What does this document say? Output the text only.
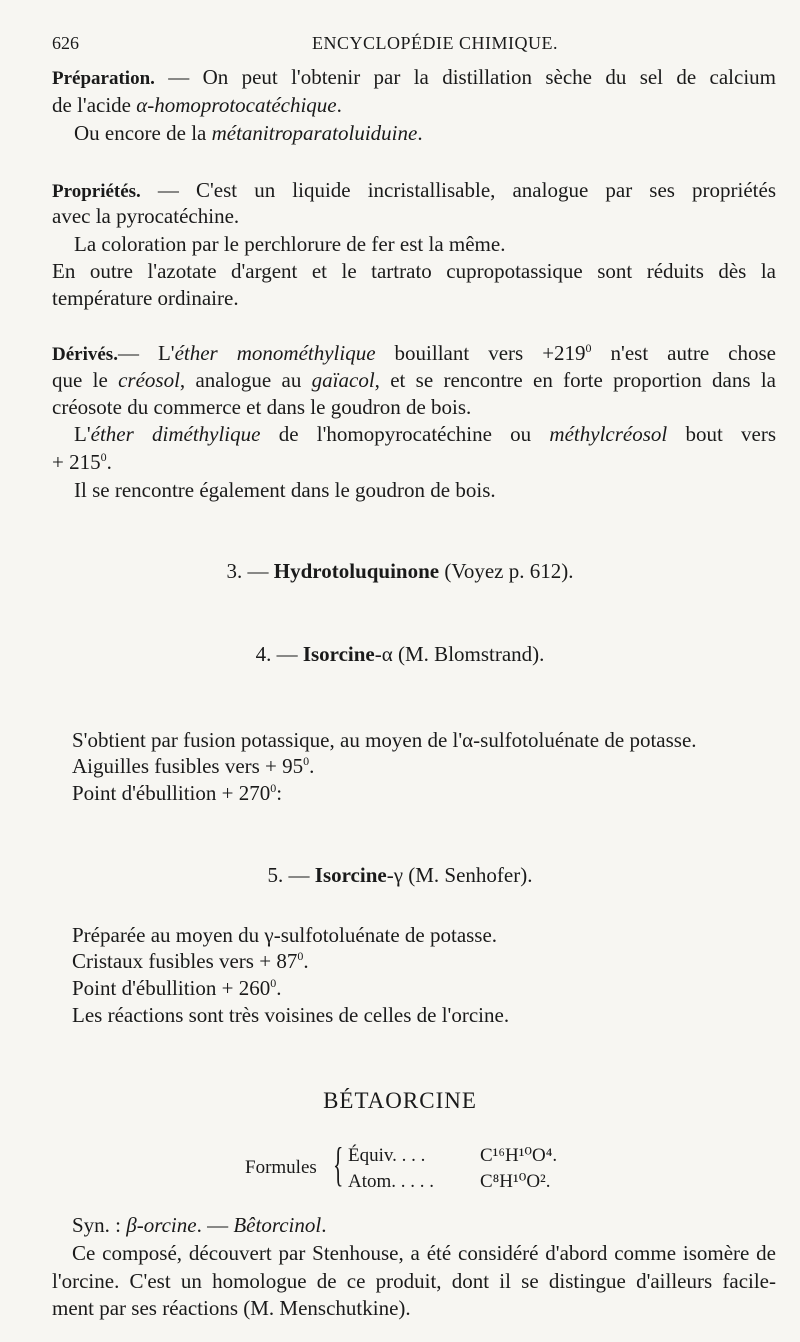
626	ENCYCLOPÉDIE CHIMIQUE.
Préparation. — On peut l'obtenir par la distillation sèche du sel de calcium
de l'acide α-homoprotocatéchique.
Ou encore de la métanitroparatoluiduine.
Propriétés. — C'est un liquide incristallisable, analogue par ses propriétés
avec la pyrocatéchine.
La coloration par le perchlorure de fer est la même.
En outre l'azotate d'argent et le tartrato cupropotassique sont réduits dès la
température ordinaire.
Dérivés.— L'éther monométhylique bouillant vers $+219^0$ n'est autre chose
que le créosol, analogue au gaïacol, et se rencontre en forte proportion dans la
créosote du commerce et dans le goudron de bois.
L'éther diméthylique de l'homopyrocatéchine ou méthylcréosol bout vers
+ $215^0$.
Il se rencontre également dans le goudron de bois.
3. — Hydrotoluquinone (Voyez p. 612).
4. — Isorcine-α (M. Blomstrand).
S'obtient par fusion potassique, au moyen de l'α-sulfotoluénate de potasse.
Aiguilles fusibles vers + $95^0$.
Point d'ébullition + $270^0$:
5. — Isorcine-γ (M. Senhofer).
Préparée au moyen du γ-sulfotoluénate de potasse.
Cristaux fusibles vers + $87^0$.
Point d'ébullition + $260^0$.
Les réactions sont très voisines de celles de l'orcine.
BÉTAORCINE
Formules { Équiv. . . .	C¹⁶H¹⁰O⁴.
Atom. . . . . C⁸H¹⁰O².
Syn. : β-orcine. — Bêtorcinol.
Ce composé, découvert par Stenhouse, a été considéré d'abord comme isomère de
l'orcine. C'est un homologue de ce produit, dont il se distingue d'ailleurs facile-
ment par ses réactions (M. Menschutkine).
